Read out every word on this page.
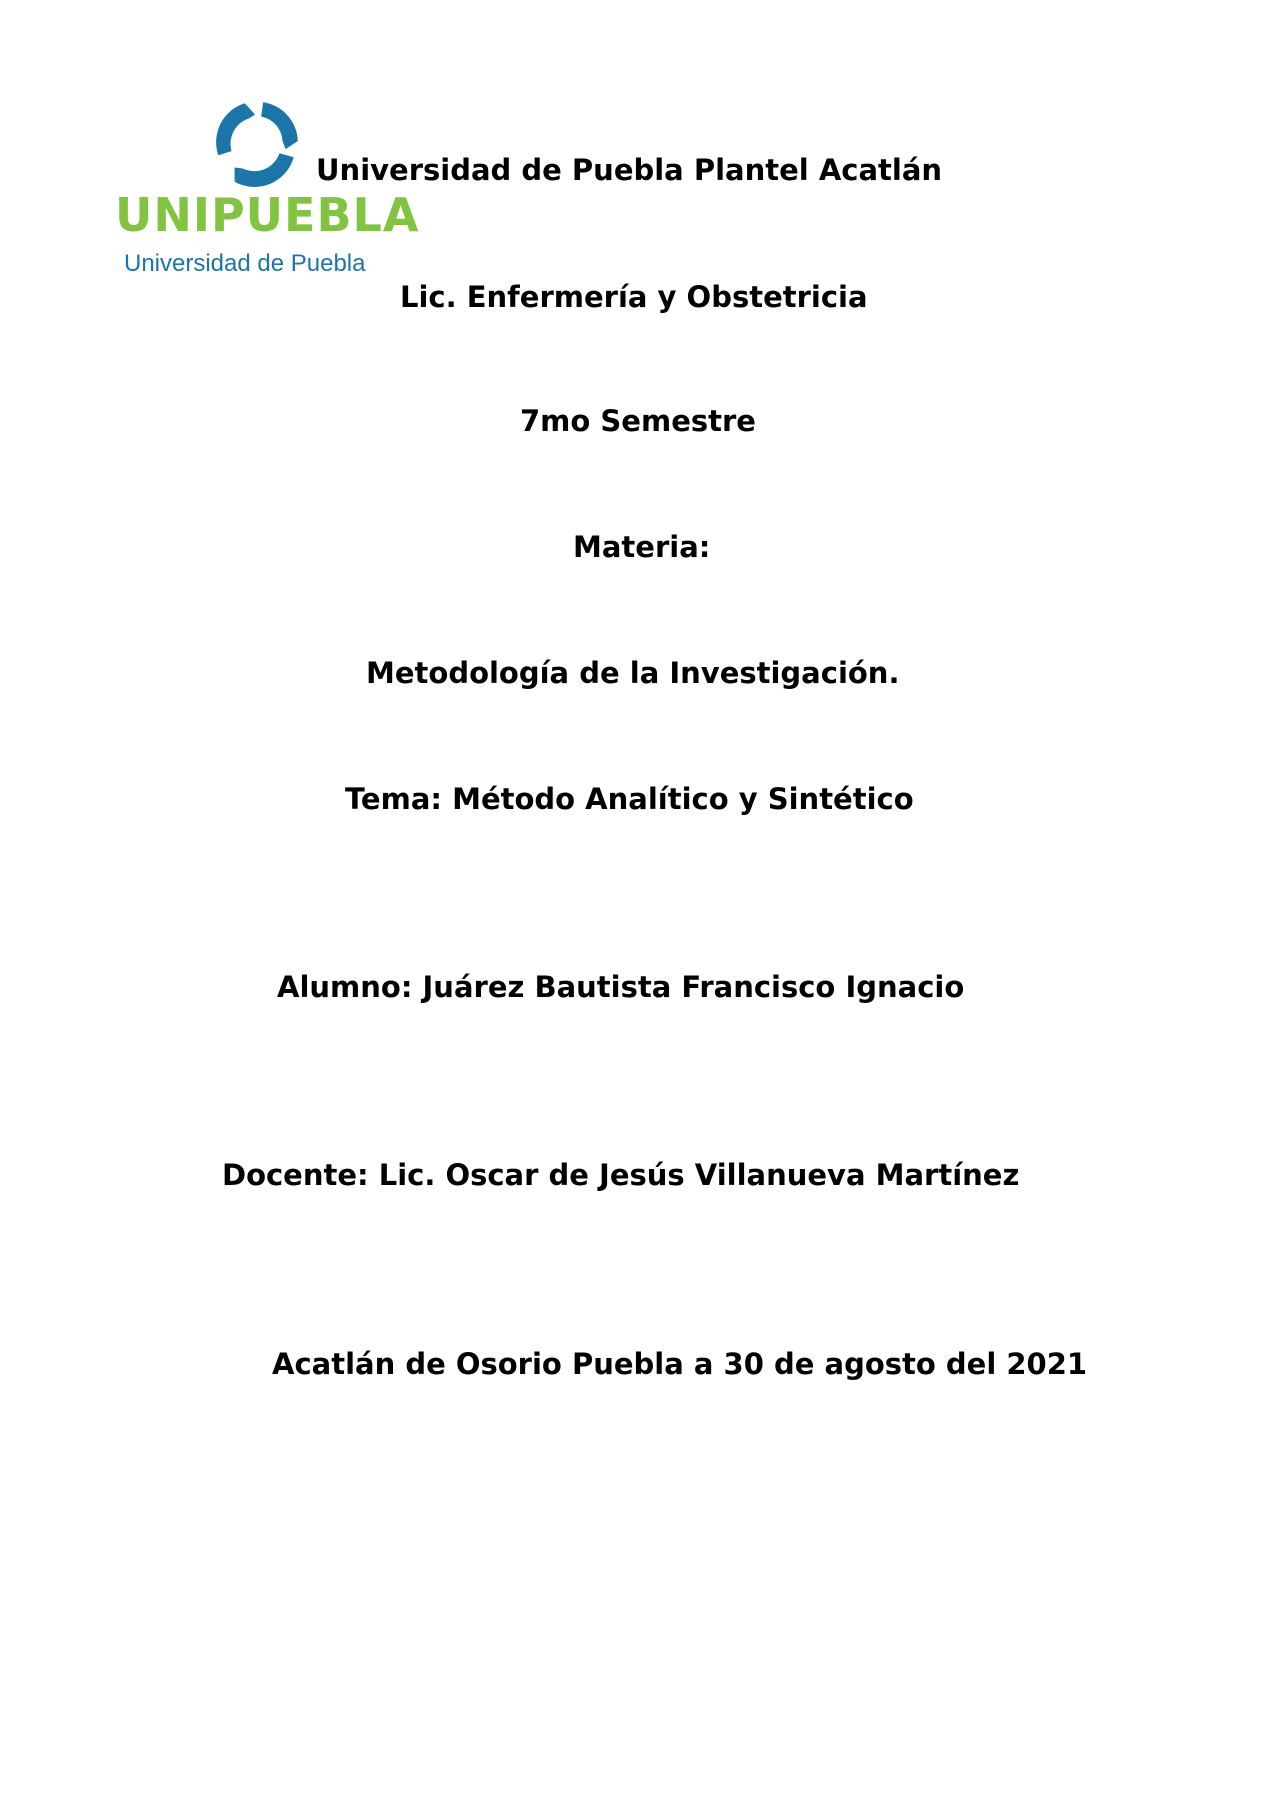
UNIPUEBLA
Universidad de Puebla
Universidad de Puebla Plantel Acatlán
Lic. Enfermería y Obstetricia
7mo Semestre
Materia:
Metodología de la Investigación.
Tema: Método Analítico y Sintético
Alumno: Juárez Bautista Francisco Ignacio
Docente: Lic. Oscar de Jesús Villanueva Martínez
Acatlán de Osorio Puebla a 30 de agosto del 2021
